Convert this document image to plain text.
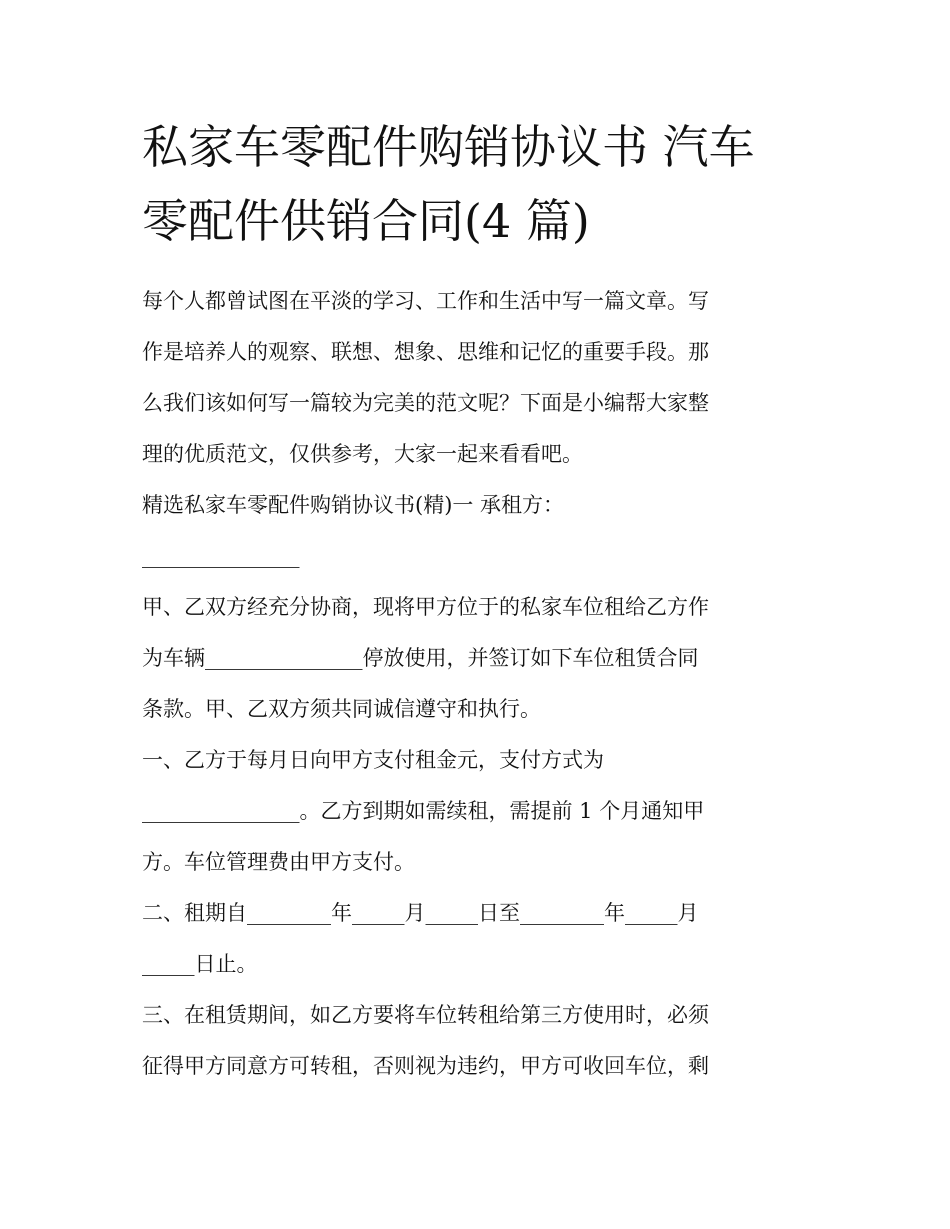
私家车零配件购销协议书 汽车
零配件供销合同(4 篇)
每个人都曾试图在平淡的学习、工作和生活中写一篇文章。写
作是培养人的观察、联想、想象、思维和记忆的重要手段。那
么我们该如何写一篇较为完美的范文呢？下面是小编帮大家整
理的优质范文，仅供参考，大家一起来看看吧。
精选私家车零配件购销协议书(精)一 承租方：
_______________
甲、乙双方经充分协商，现将甲方位于的私家车位租给乙方作
为车辆_______________停放使用，并签订如下车位租赁合同
条款。甲、乙双方须共同诚信遵守和执行。
一、乙方于每月日向甲方支付租金元，支付方式为
_______________。乙方到期如需续租，需提前 1 个月通知甲
方。车位管理费由甲方支付。
二、租期自________年_____月_____日至________年_____月
_____日止。
三、在租赁期间，如乙方要将车位转租给第三方使用时，必须
征得甲方同意方可转租，否则视为违约，甲方可收回车位，剩
